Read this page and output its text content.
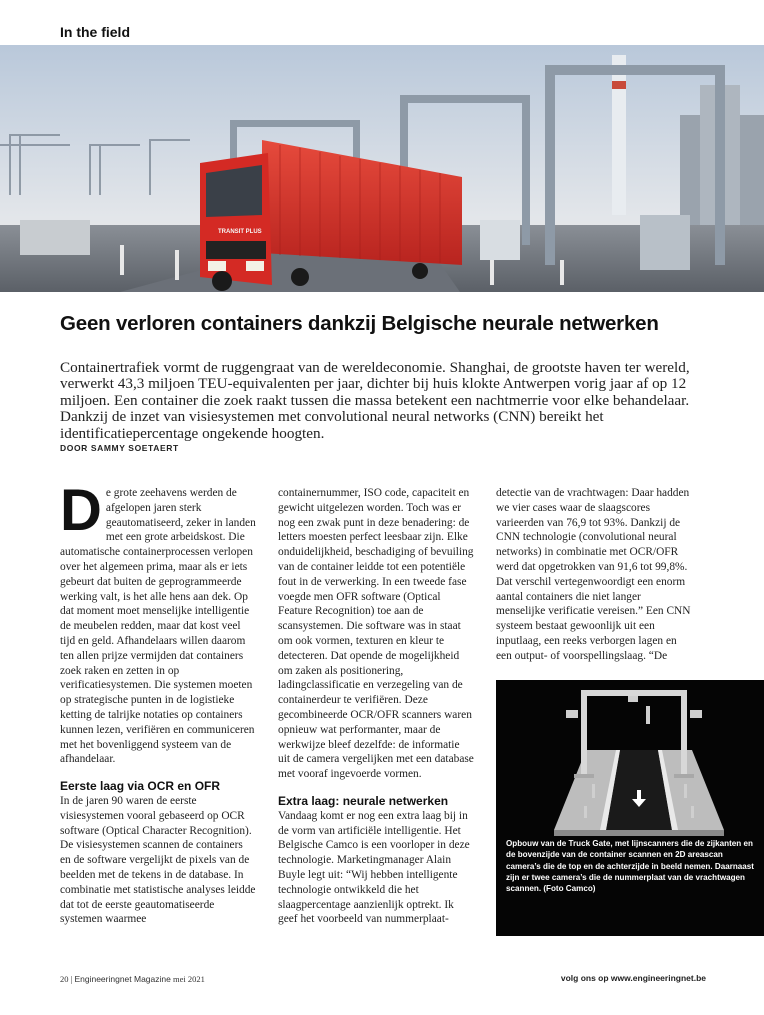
In the field
TRANSIT PLUS
Geen verloren containers dankzij Belgische neurale netwerken

Containertrafiek vormt de ruggengraat van de wereldeconomie. Shanghai, de grootste haven ter wereld, verwerkt 43,3 miljoen TEU-equivalenten per jaar, dichter bij huis klokte Antwerpen vorig jaar af op 12 miljoen. Een container die zoek raakt tussen die massa betekent een nachtmerrie voor elke behandelaar. Dankzij de inzet van visiesystemen met convolutional neural networks (CNN) bereikt het identificatiepercentage ongekende hoogten.

DOOR SAMMY SOETAERT

De grote zeehavens werden de afgelopen jaren sterk geautomatiseerd, zeker in landen met een grote arbeidskost. Die automatische containerprocessen verlopen over het algemeen prima, maar als er iets gebeurt dat buiten de geprogrammeerde werking valt, is het alle hens aan dek. Op dat moment moet menselijke intelligentie de meubelen redden, maar dat kost veel tijd en geld. Afhandelaars willen daarom ten allen prijze vermijden dat containers zoek raken en zetten in op verificatiesystemen. Die systemen moeten op strategische punten in de logistieke ketting de talrijke notaties op containers kunnen lezen, verifiëren en communiceren met het bovenliggend systeem van de afhandelaar.

Eerste laag via OCR en OFR

In de jaren 90 waren de eerste visiesystemen vooral gebaseerd op OCR software (Optical Character Recognition). De visiesystemen scannen de containers en de software vergelijkt de pixels van de beelden met de tekens in de database. In combinatie met statistische analyses leidde dat tot de eerste geautomatiseerde systemen waarmee

containernummer, ISO code, capaciteit en gewicht uitgelezen worden. Toch was er nog een zwak punt in deze benadering: de letters moesten perfect leesbaar zijn. Elke onduidelijkheid, beschadiging of bevuiling van de container leidde tot een potentiële fout in de verwerking. In een tweede fase voegde men OFR software (Optical Feature Recognition) toe aan de scansystemen. Die software was in staat om ook vormen, texturen en kleur te detecteren. Dat opende de mogelijkheid om zaken als positionering, ladingclassificatie en verzegeling van de containerdeur te verifiëren. Deze gecombineerde OCR/OFR scanners waren opnieuw wat performanter, maar de werkwijze bleef dezelfde: de informatie uit de camera vergelijken met een database met vooraf ingevoerde vormen.

Extra laag: neurale netwerken

Vandaag komt er nog een extra laag bij in de vorm van artificiële intelligentie. Het Belgische Camco is een voorloper in deze technologie. Marketingmanager Alain Buyle legt uit: “Wij hebben intelligente technologie ontwikkeld die het slaagpercentage aanzienlijk optrekt. Ik geef het voorbeeld van nummerplaat-

detectie van de vrachtwagen: Daar hadden we vier cases waar de slaagscores varieerden van 76,9 tot 93%. Dankzij de CNN technologie (convolutional neural networks) in combinatie met OCR/OFR werd dat opgetrokken van 91,6 tot 99,8%. Dat verschil vertegenwoordigt een enorm aantal containers die niet langer menselijke verificatie vereisen.” Een CNN systeem bestaat gewoonlijk uit een inputlaag, een reeks verborgen lagen en een output- of voorspellingslaag. “De

Opbouw van de Truck Gate, met lijnscanners die de zijkanten en de bovenzijde van de container scannen en 2D areascan camera’s die de top en de achterzijde in beeld nemen. Daarnaast zijn er twee camera’s die de nummerplaat van de vrachtwagen scannen. (Foto Camco)
20 | Engineeringnet Magazine mei 2021	volg ons op www.engineeringnet.be
